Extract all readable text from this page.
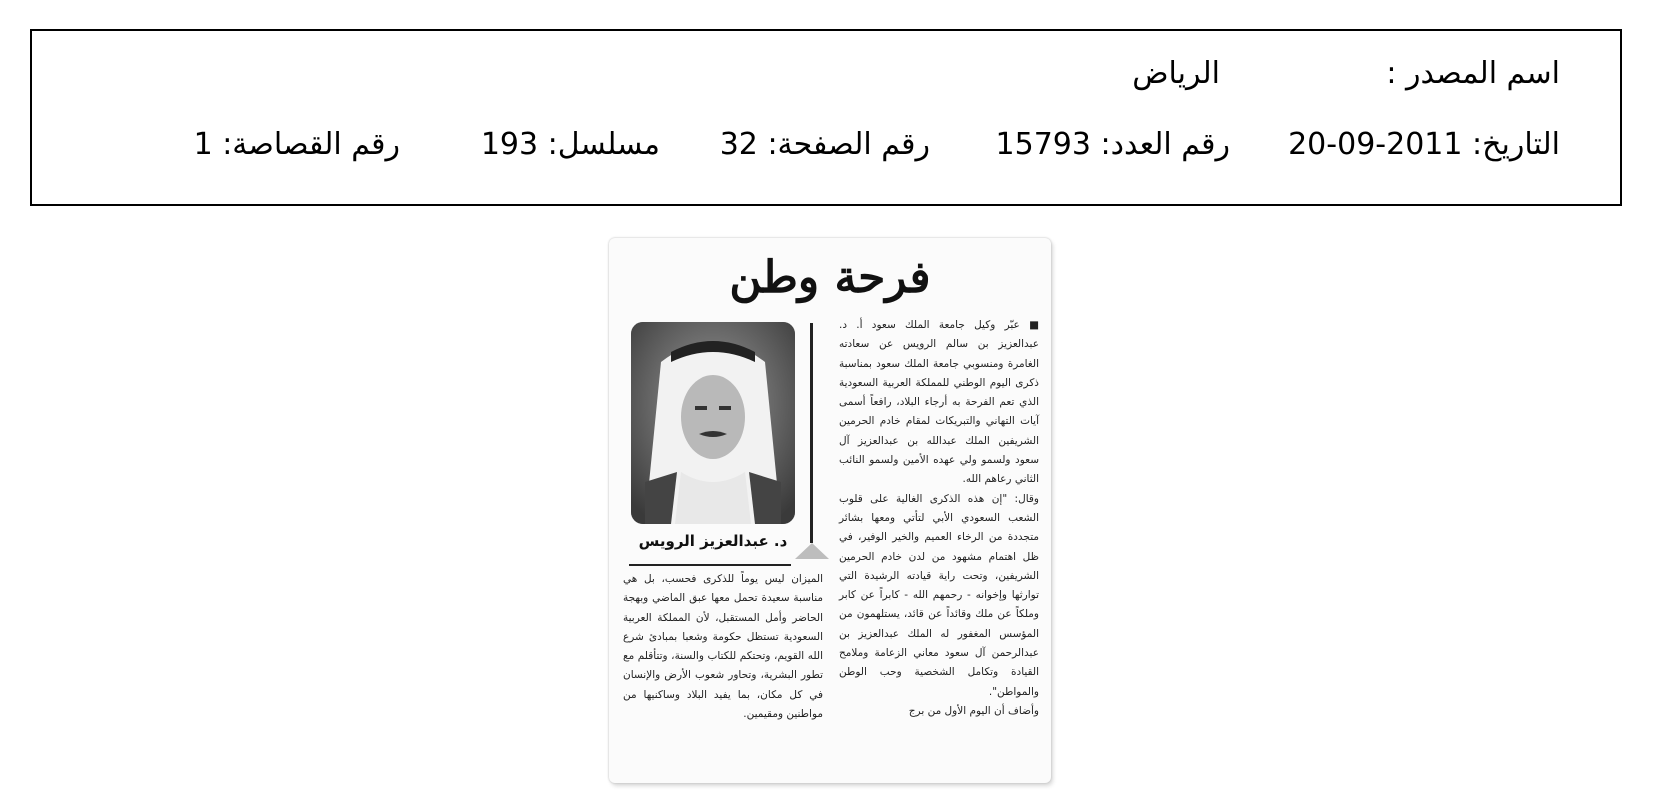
اسم المصدر :
الرياض
التاريخ: 2011-09-20
رقم العدد: 15793
رقم الصفحة: 32
مسلسل: 193
رقم القصاصة: 1
فرحة وطن

■ عبّر وكيل جامعة الملك سعود أ. د. عبدالعزيز بن سالم الرويس عن سعادته الغامرة ومنسوبي جامعة الملك سعود بمناسبة ذكرى اليوم الوطني للمملكة العربية السعودية الذي تعم الفرحة به أرجاء البلاد، رافعاً أسمى آيات التهاني والتبريكات لمقام خادم الحرمين الشريفين الملك عبدالله بن عبدالعزيز آل سعود ولسمو ولي عهده الأمين ولسمو النائب الثاني رعاهم الله.

وقال: "إن هذه الذكرى الغالية على قلوب الشعب السعودي الأبي لتأتي ومعها بشائر متجددة من الرخاء العميم والخير الوفير، في ظل اهتمام مشهود من لدن خادم الحرمين الشريفين، وتحت راية قيادته الرشيدة التي توارثها وإخوانه - رحمهم الله - كابراً عن كابر وملكاً عن ملك وقائداً عن قائد، يستلهمون من المؤسس المغفور له الملك عبدالعزيز بن عبدالرحمن آل سعود معاني الزعامة وملامح القيادة وتكامل الشخصية وحب الوطن والمواطن".

وأضاف أن اليوم الأول من برج

د. عبدالعزيز الرويس
الميزان ليس يوماً للذكرى فحسب، بل هي مناسبة سعيدة تحمل معها عبق الماضي وبهجة الحاضر وأمل المستقبل، لأن المملكة العربية السعودية تستظل حكومة وشعبا بمبادئ شرع الله القويم، وتحتكم للكتاب والسنة، وتتأقلم مع تطور البشرية، وتحاور شعوب الأرض والإنسان في كل مكان، بما يفيد البلاد وساكنيها من مواطنين ومقيمين.
